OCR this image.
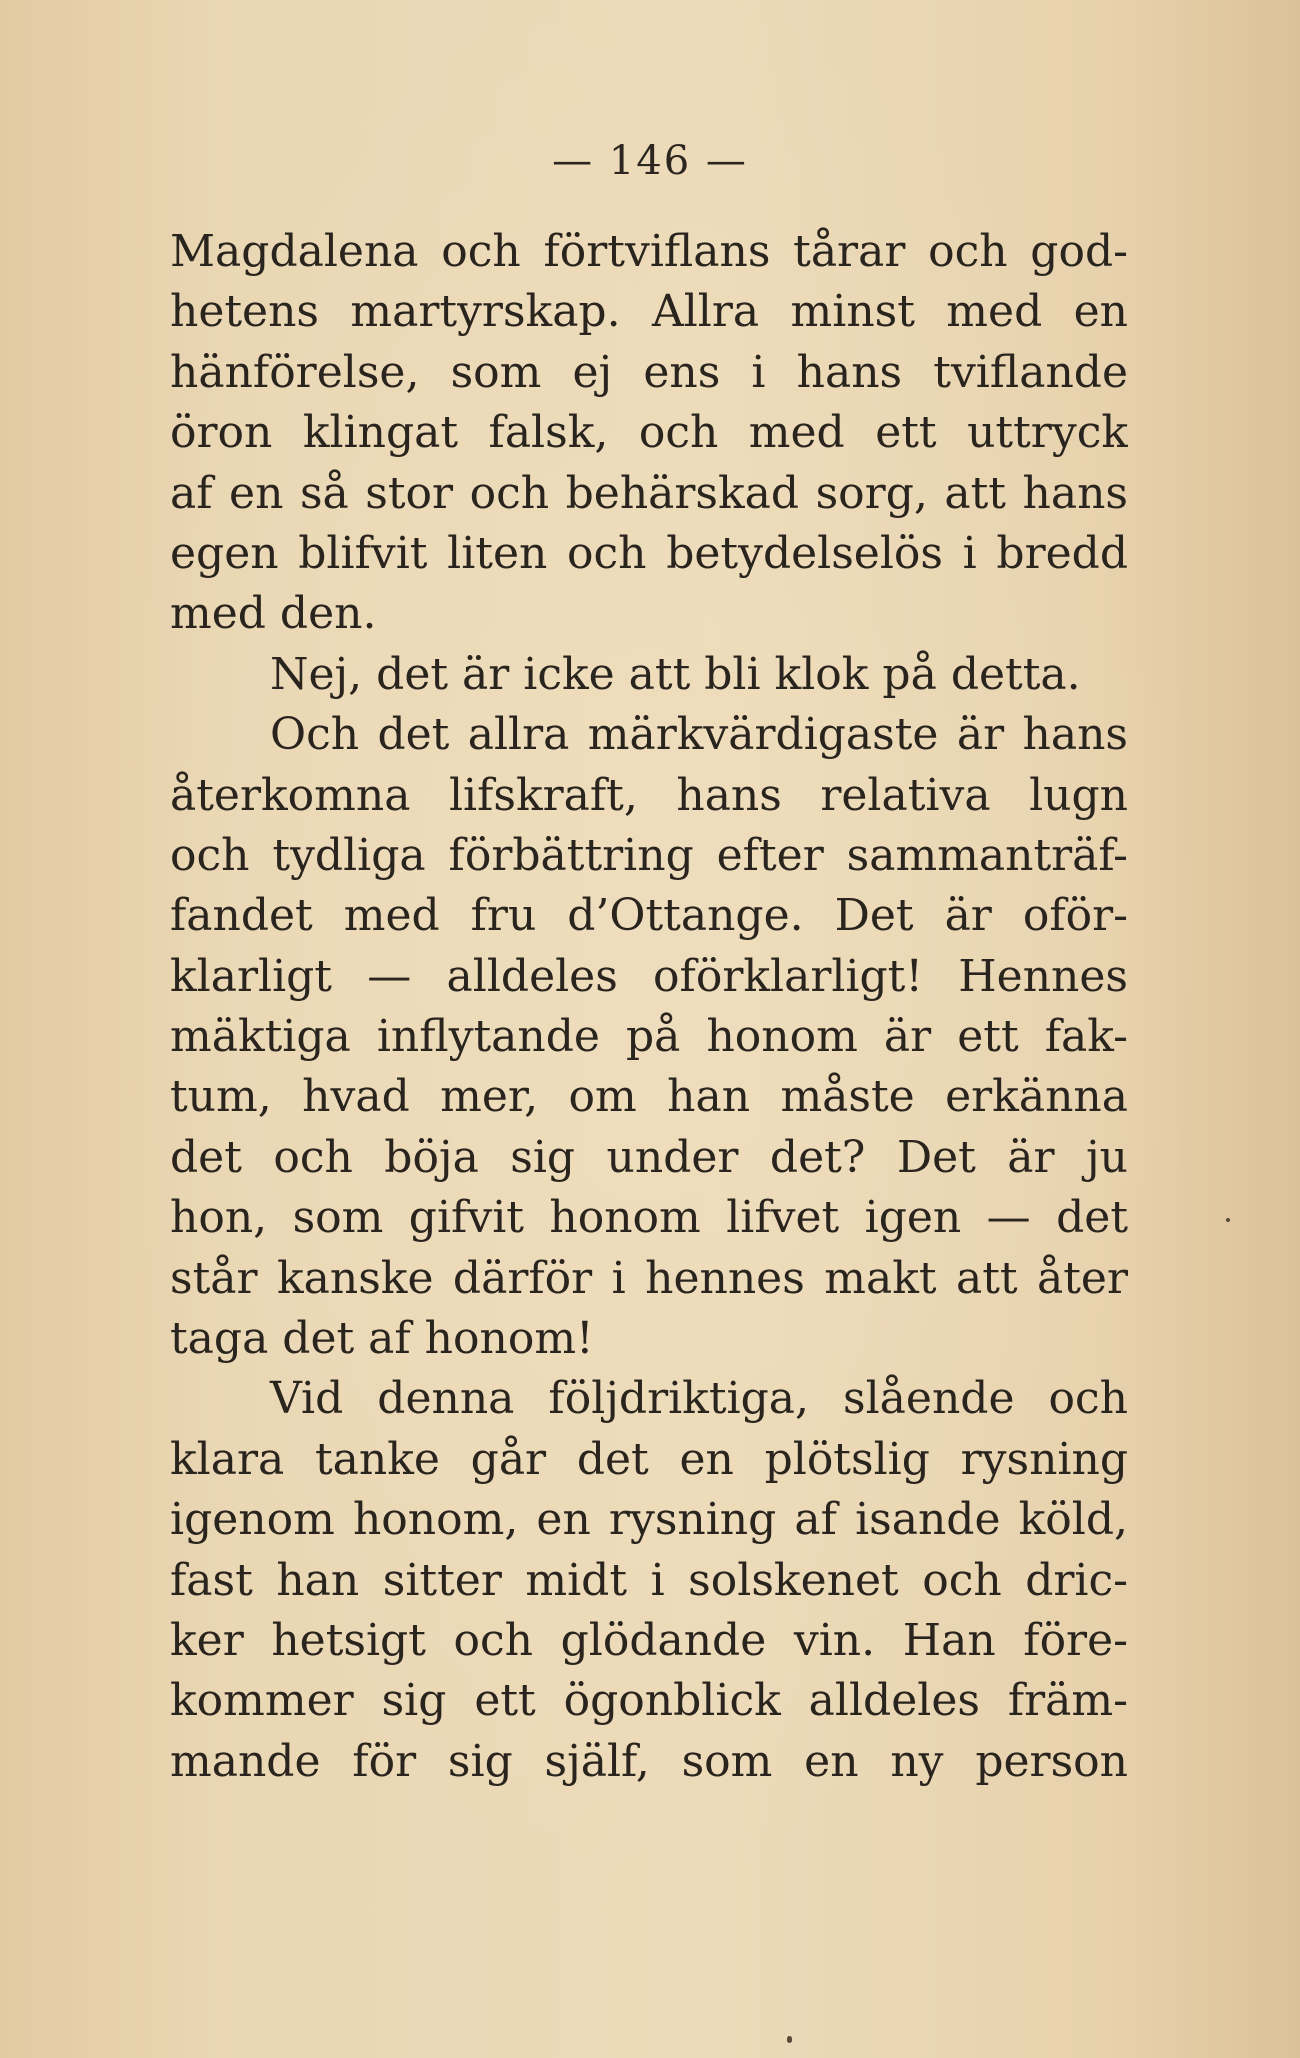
— 146 —

Magdalena och förtviflans tårar och god-
hetens martyrskap. Allra minst med en
hänförelse, som ej ens i hans tviflande
öron klingat falsk, och med ett uttryck
af en så stor och behärskad sorg, att hans
egen blifvit liten och betydelselös i bredd
med den.
Nej, det är icke att bli klok på detta.
Och det allra märkvärdigaste är hans
återkomna lifskraft, hans relativa lugn
och tydliga förbättring efter sammanträf-
fandet med fru d’Ottange. Det är oför-
klarligt — alldeles oförklarligt! Hennes
mäktiga inflytande på honom är ett fak-
tum, hvad mer, om han måste erkänna
det och böja sig under det? Det är ju
hon, som gifvit honom lifvet igen — det
står kanske därför i hennes makt att åter
taga det af honom!
Vid denna följdriktiga, slående och
klara tanke går det en plötslig rysning
igenom honom, en rysning af isande köld,
fast han sitter midt i solskenet och dric-
ker hetsigt och glödande vin. Han före-
kommer sig ett ögonblick alldeles främ-
mande för sig själf, som en ny person
